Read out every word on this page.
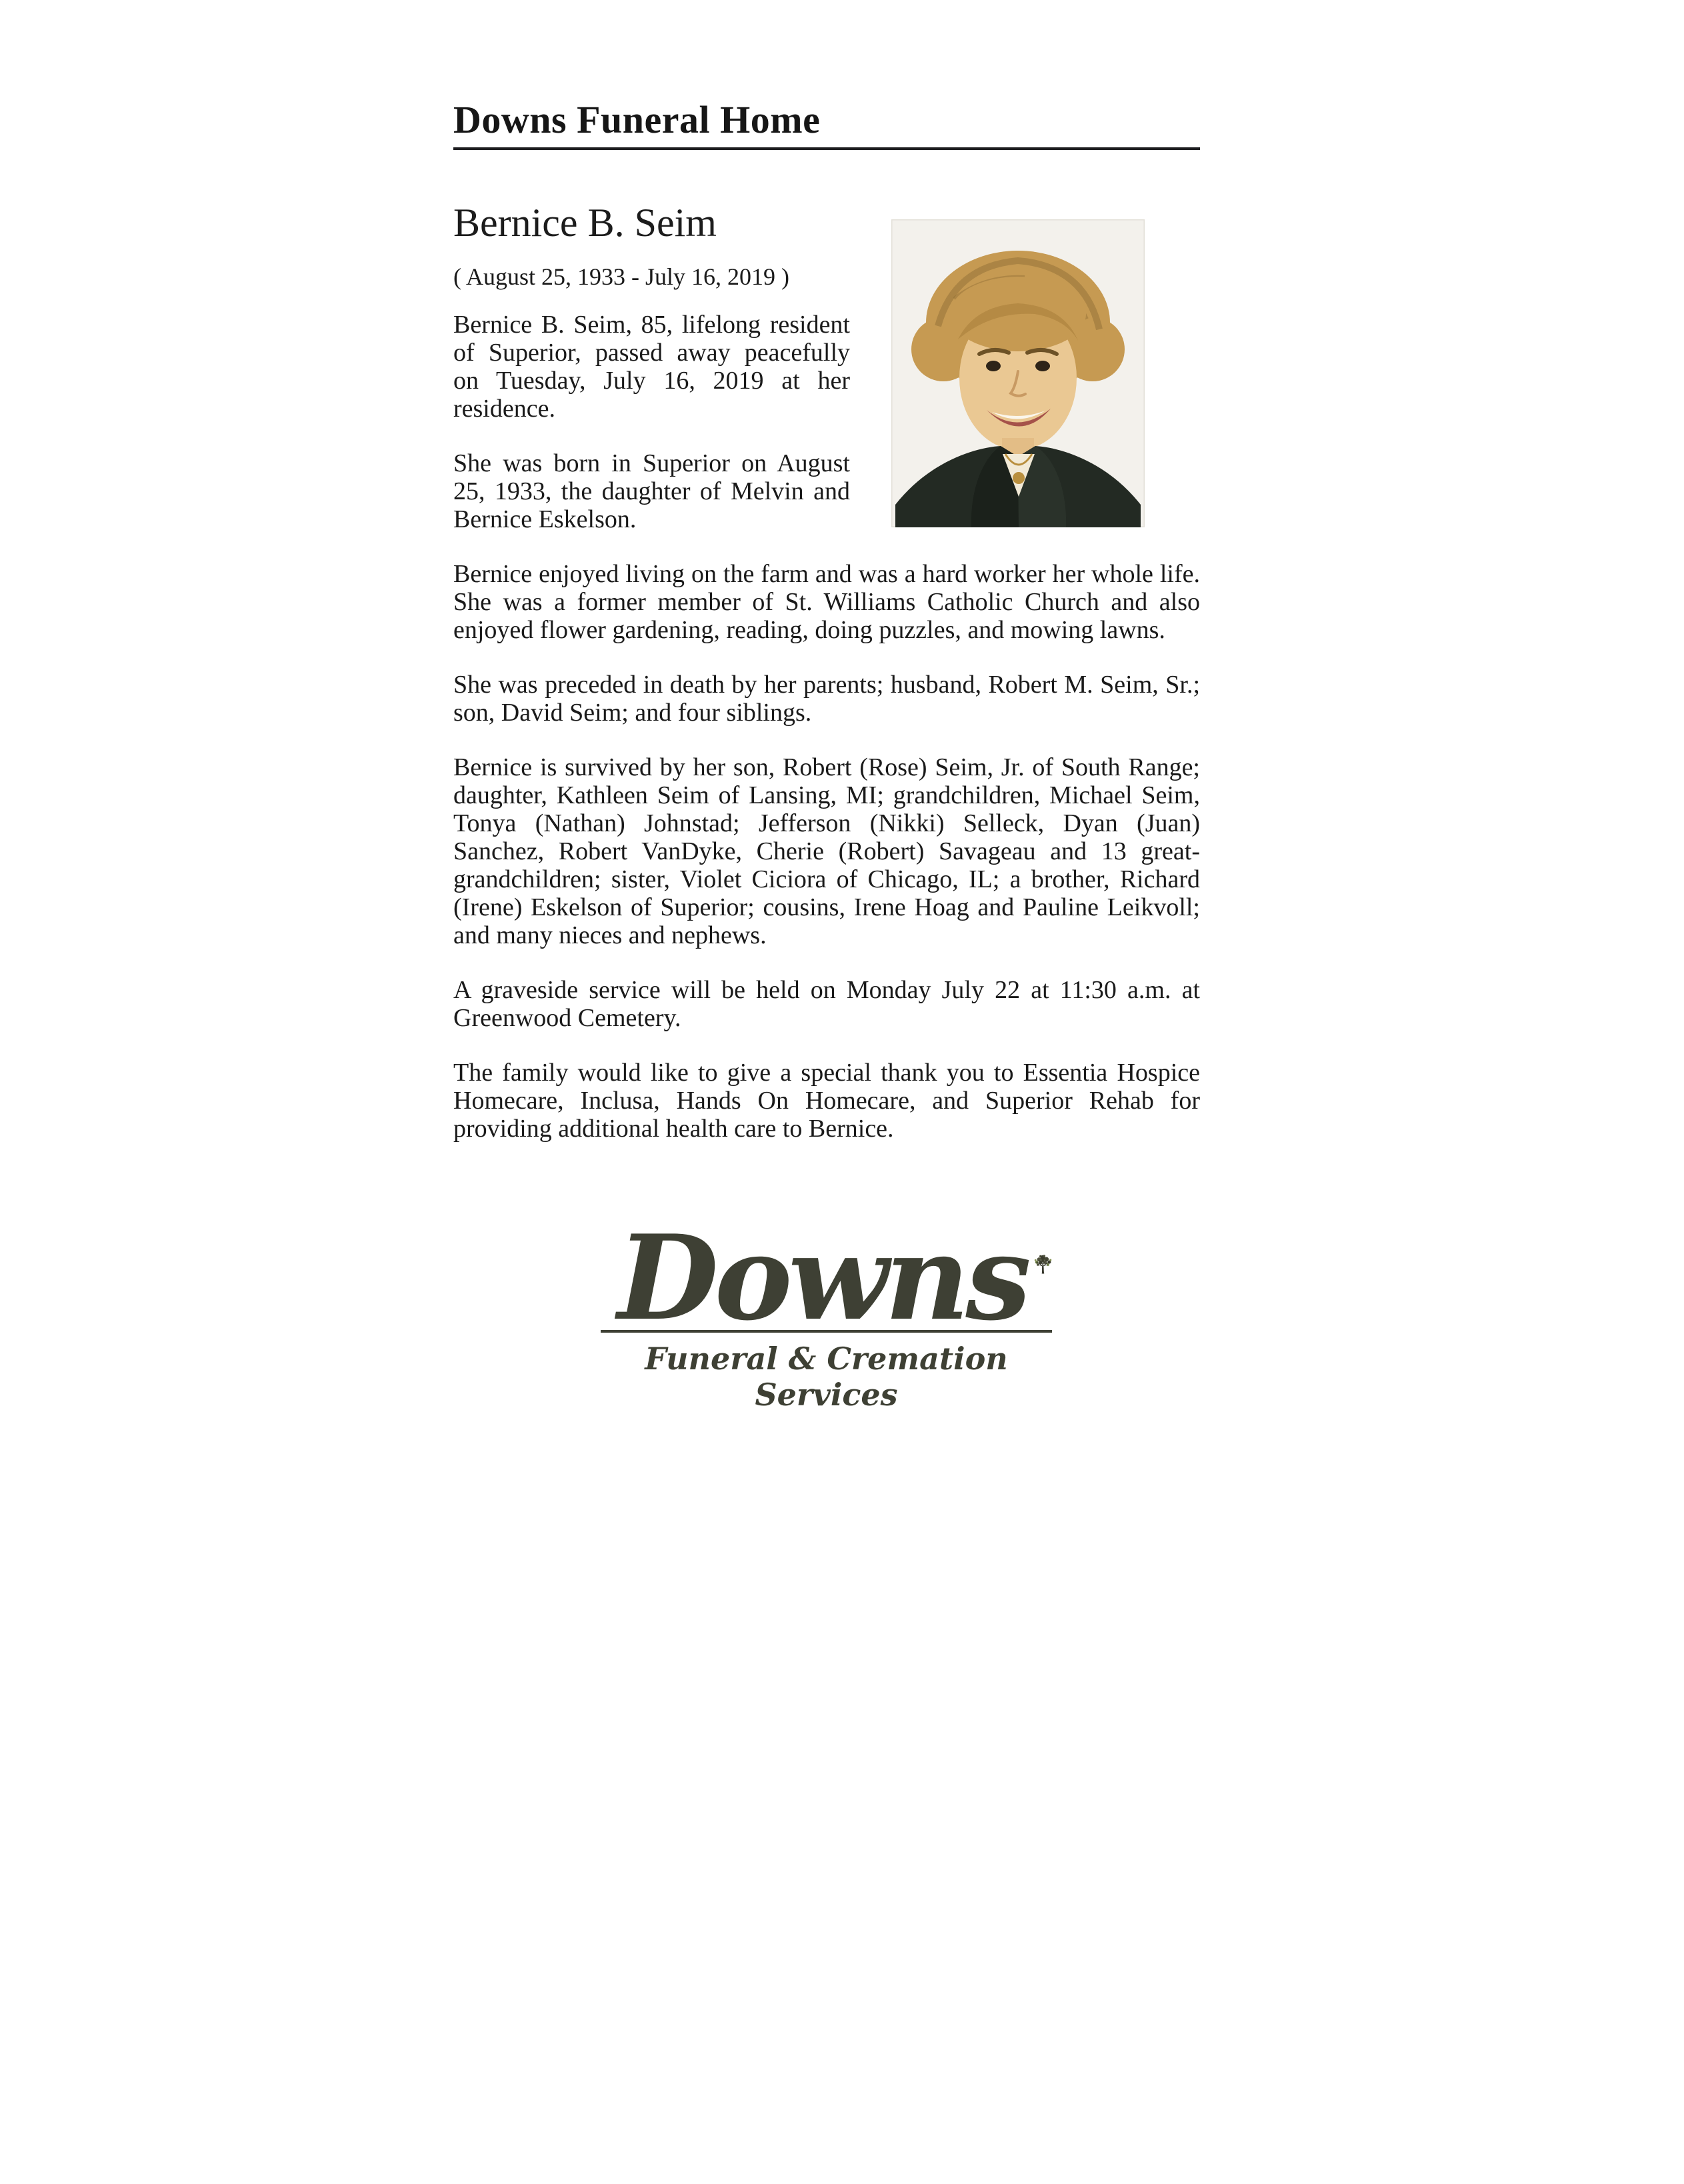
Downs Funeral Home
Bernice B. Seim

( August 25, 1933 - July 16, 2019 )

Bernice B. Seim, 85, lifelong resident of Superior, passed away peacefully on Tuesday, July 16, 2019 at her residence.

She was born in Superior on August 25, 1933, the daughter of Melvin and Bernice Eskelson.

Bernice enjoyed living on the farm and was a hard worker her whole life. She was a former member of St. Williams Catholic Church and also enjoyed flower gardening, reading, doing puzzles, and mowing lawns.

She was preceded in death by her parents; husband, Robert M. Seim, Sr.; son, David Seim; and four siblings.

Bernice is survived by her son, Robert (Rose) Seim, Jr. of South Range; daughter, Kathleen Seim of Lansing, MI; grandchildren, Michael Seim, Tonya (Nathan) Johnstad; Jefferson (Nikki) Selleck, Dyan (Juan) Sanchez, Robert VanDyke, Cherie (Robert) Savageau and 13 great-grandchildren; sister, Violet Ciciora of Chicago, IL; a brother, Richard (Irene) Eskelson of Superior; cousins, Irene Hoag and Pauline Leikvoll; and many nieces and nephews.

A graveside service will be held on Monday July 22 at 11:30 a.m. at Greenwood Cemetery.

The family would like to give a special thank you to Essentia Hospice Homecare, Inclusa, Hands On Homecare, and Superior Rehab for providing additional health care to Bernice.

Downs
Funeral & Cremation Services
